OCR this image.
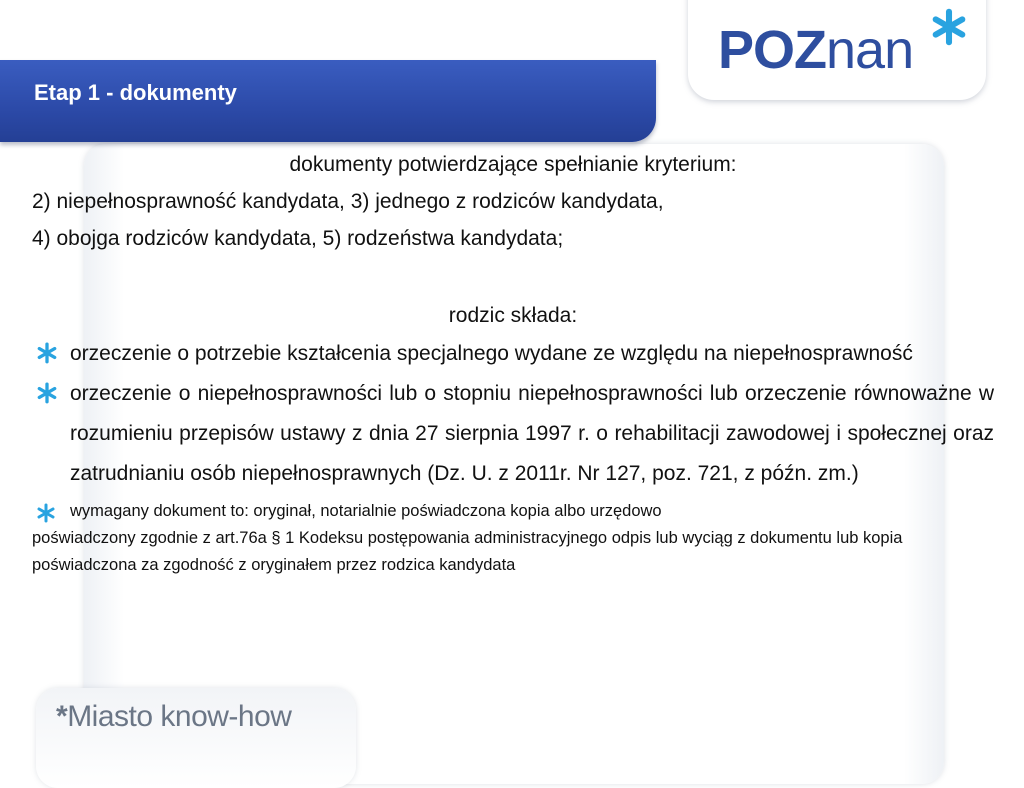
POZnan
Etap 1 - dokumenty
dokumenty potwierdzające spełnianie kryterium:
2) niepełnosprawność kandydata, 3) jednego z rodziców kandydata,
4) obojga rodziców kandydata, 5) rodzeństwa kandydata;
rodzic składa:
orzeczenie o potrzebie kształcenia specjalnego wydane ze względu na niepełnosprawność
orzeczenie o niepełnosprawności lub o stopniu niepełnosprawności lub orzeczenie równoważne w rozumieniu przepisów ustawy z dnia 27 sierpnia 1997 r. o rehabilitacji zawodowej i społecznej oraz zatrudnianiu osób niepełnosprawnych (Dz. U. z 2011r. Nr 127, poz. 721, z późn. zm.)
wymagany dokument to: oryginał, notarialnie poświadczona kopia albo urzędowo
poświadczony zgodnie z art.76a § 1 Kodeksu postępowania administracyjnego odpis lub wyciąg z dokumentu lub kopia poświadczona za zgodność z oryginałem przez rodzica kandydata
*Miasto know-how
